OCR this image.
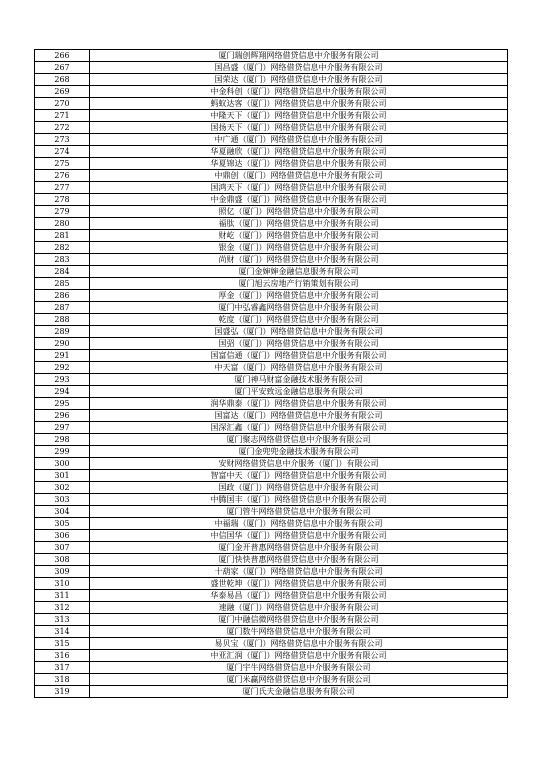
266	厦门瑞创辉翔网络借贷信息中介服务有限公司
267	国昌盛（厦门）网络借贷信息中介服务有限公司
268	国荣达（厦门）网络借贷信息中介服务有限公司
269	中金科创（厦门）网络借贷信息中介服务有限公司
270	蚂蚁达客（厦门）网络借贷信息中介服务有限公司
271	中隆天下（厦门）网络借贷信息中介服务有限公司
272	国扬天下（厦门）网络借贷信息中介服务有限公司
273	中广通（厦门）网络借贷信息中介服务有限公司
274	华夏融欣（厦门）网络借贷信息中介服务有限公司
275	华夏锦达（厦门）网络借贷信息中介服务有限公司
276	中鼎创（厦门）网络借贷信息中介服务有限公司
277	国鸿天下（厦门）网络借贷信息中介服务有限公司
278	中金鼎盛（厦门）网络借贷信息中介服务有限公司
279	照亿（厦门）网络借贷信息中介服务有限公司
280	福肽（厦门）网络借贷信息中介服务有限公司
281	财屹（厦门）网络借贷信息中介服务有限公司
282	银金（厦门）网络借贷信息中介服务有限公司
283	尚财（厦门）网络借贷信息中介服务有限公司
284	厦门金婶婶金融信息服务有限公司
285	厦门旭云房地产行销策划有限公司
286	厚金（厦门）网络借贷信息中介服务有限公司
287	厦门中弘睿鑫网络借贷信息中介服务有限公司
288	乾度（厦门）网络借贷信息中介服务有限公司
289	国盛弘（厦门）网络借贷信息中介服务有限公司
290	国弨（厦门）网络借贷信息中介服务有限公司
291	国富信通（厦门）网络借贷信息中介服务有限公司
292	中天富（厦门）网络借贷信息中介服务有限公司
293	厦门神马财富金融技术服务有限公司
294	厦门平安致远金融信息服务有限公司
295	润华鼎泰（厦门）网络借贷信息中介服务有限公司
296	国富达（厦门）网络借贷信息中介服务有限公司
297	国深汇鑫（厦门）网络借贷信息中介服务有限公司
298	厦门聚志网络借贷信息中介服务有限公司
299	厦门金兜兜金融技术服务有限公司
300	安财网络借贷信息中介服务（厦门）有限公司
301	智富中天（厦门）网络借贷信息中介服务有限公司
302	国政（厦门）网络借贷信息中介服务有限公司
303	中腾国丰（厦门）网络借贷信息中介服务有限公司
304	厦门管牛网络借贷信息中介服务有限公司
305	中福瑞（厦门）网络借贷信息中介服务有限公司
306	中信国华（厦门）网络借贷信息中介服务有限公司
307	厦门金开普惠网络借贷信息中介服务有限公司
308	厦门快快普惠网络借贷信息中介服务有限公司
309	十葫家（厦门）网络借贷信息中介服务有限公司
310	盛世乾坤（厦门）网络借贷信息中介服务有限公司
311	华泰易昌（厦门）网络借贷信息中介服务有限公司
312	速融（厦门）网络借贷信息中介服务有限公司
313	厦门中融信微网络借贷信息中介服务有限公司
314	厦门数牛网络借贷信息中介服务有限公司
315	易贝宝（厦门）网络借贷信息中介服务有限公司
316	中亚汇润（厦门）网络借贷信息中介服务有限公司
317	厦门宇牛网络借贷信息中介服务有限公司
318	厦门米赢网络借贷信息中介服务有限公司
319	厦门氏夫金融信息服务有限公司
